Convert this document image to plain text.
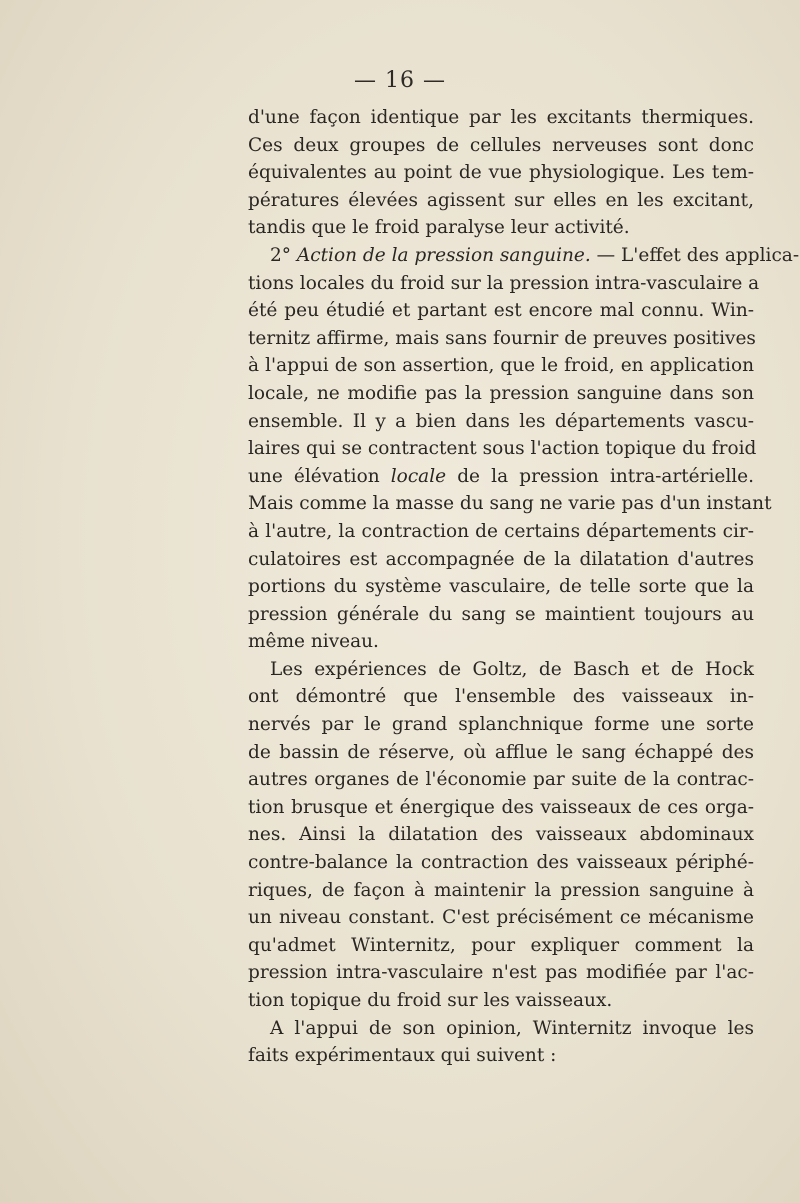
— 16 —
d'une façon identique par les excitants thermiques.
Ces deux groupes de cellules nerveuses sont donc
équivalentes au point de vue physiologique. Les tem-
pératures élevées agissent sur elles en les excitant,
tandis que le froid paralyse leur activité.
2° Action de la pression sanguine. — L'effet des applica-
tions locales du froid sur la pression intra-vasculaire a
été peu étudié et partant est encore mal connu. Win-
ternitz affirme, mais sans fournir de preuves positives
à l'appui de son assertion, que le froid, en application
locale, ne modifie pas la pression sanguine dans son
ensemble. Il y a bien dans les départements vascu-
laires qui se contractent sous l'action topique du froid
une élévation locale de la pression intra-artérielle.
Mais comme la masse du sang ne varie pas d'un instant
à l'autre, la contraction de certains départements cir-
culatoires est accompagnée de la dilatation d'autres
portions du système vasculaire, de telle sorte que la
pression générale du sang se maintient toujours au
même niveau.
Les expériences de Goltz, de Basch et de Hock
ont démontré que l'ensemble des vaisseaux in-
nervés par le grand splanchnique forme une sorte
de bassin de réserve, où afflue le sang échappé des
autres organes de l'économie par suite de la contrac-
tion brusque et énergique des vaisseaux de ces orga-
nes. Ainsi la dilatation des vaisseaux abdominaux
contre-balance la contraction des vaisseaux périphé-
riques, de façon à maintenir la pression sanguine à
un niveau constant. C'est précisément ce mécanisme
qu'admet Winternitz, pour expliquer comment la
pression intra-vasculaire n'est pas modifiée par l'ac-
tion topique du froid sur les vaisseaux.
A l'appui de son opinion, Winternitz invoque les
faits expérimentaux qui suivent :
